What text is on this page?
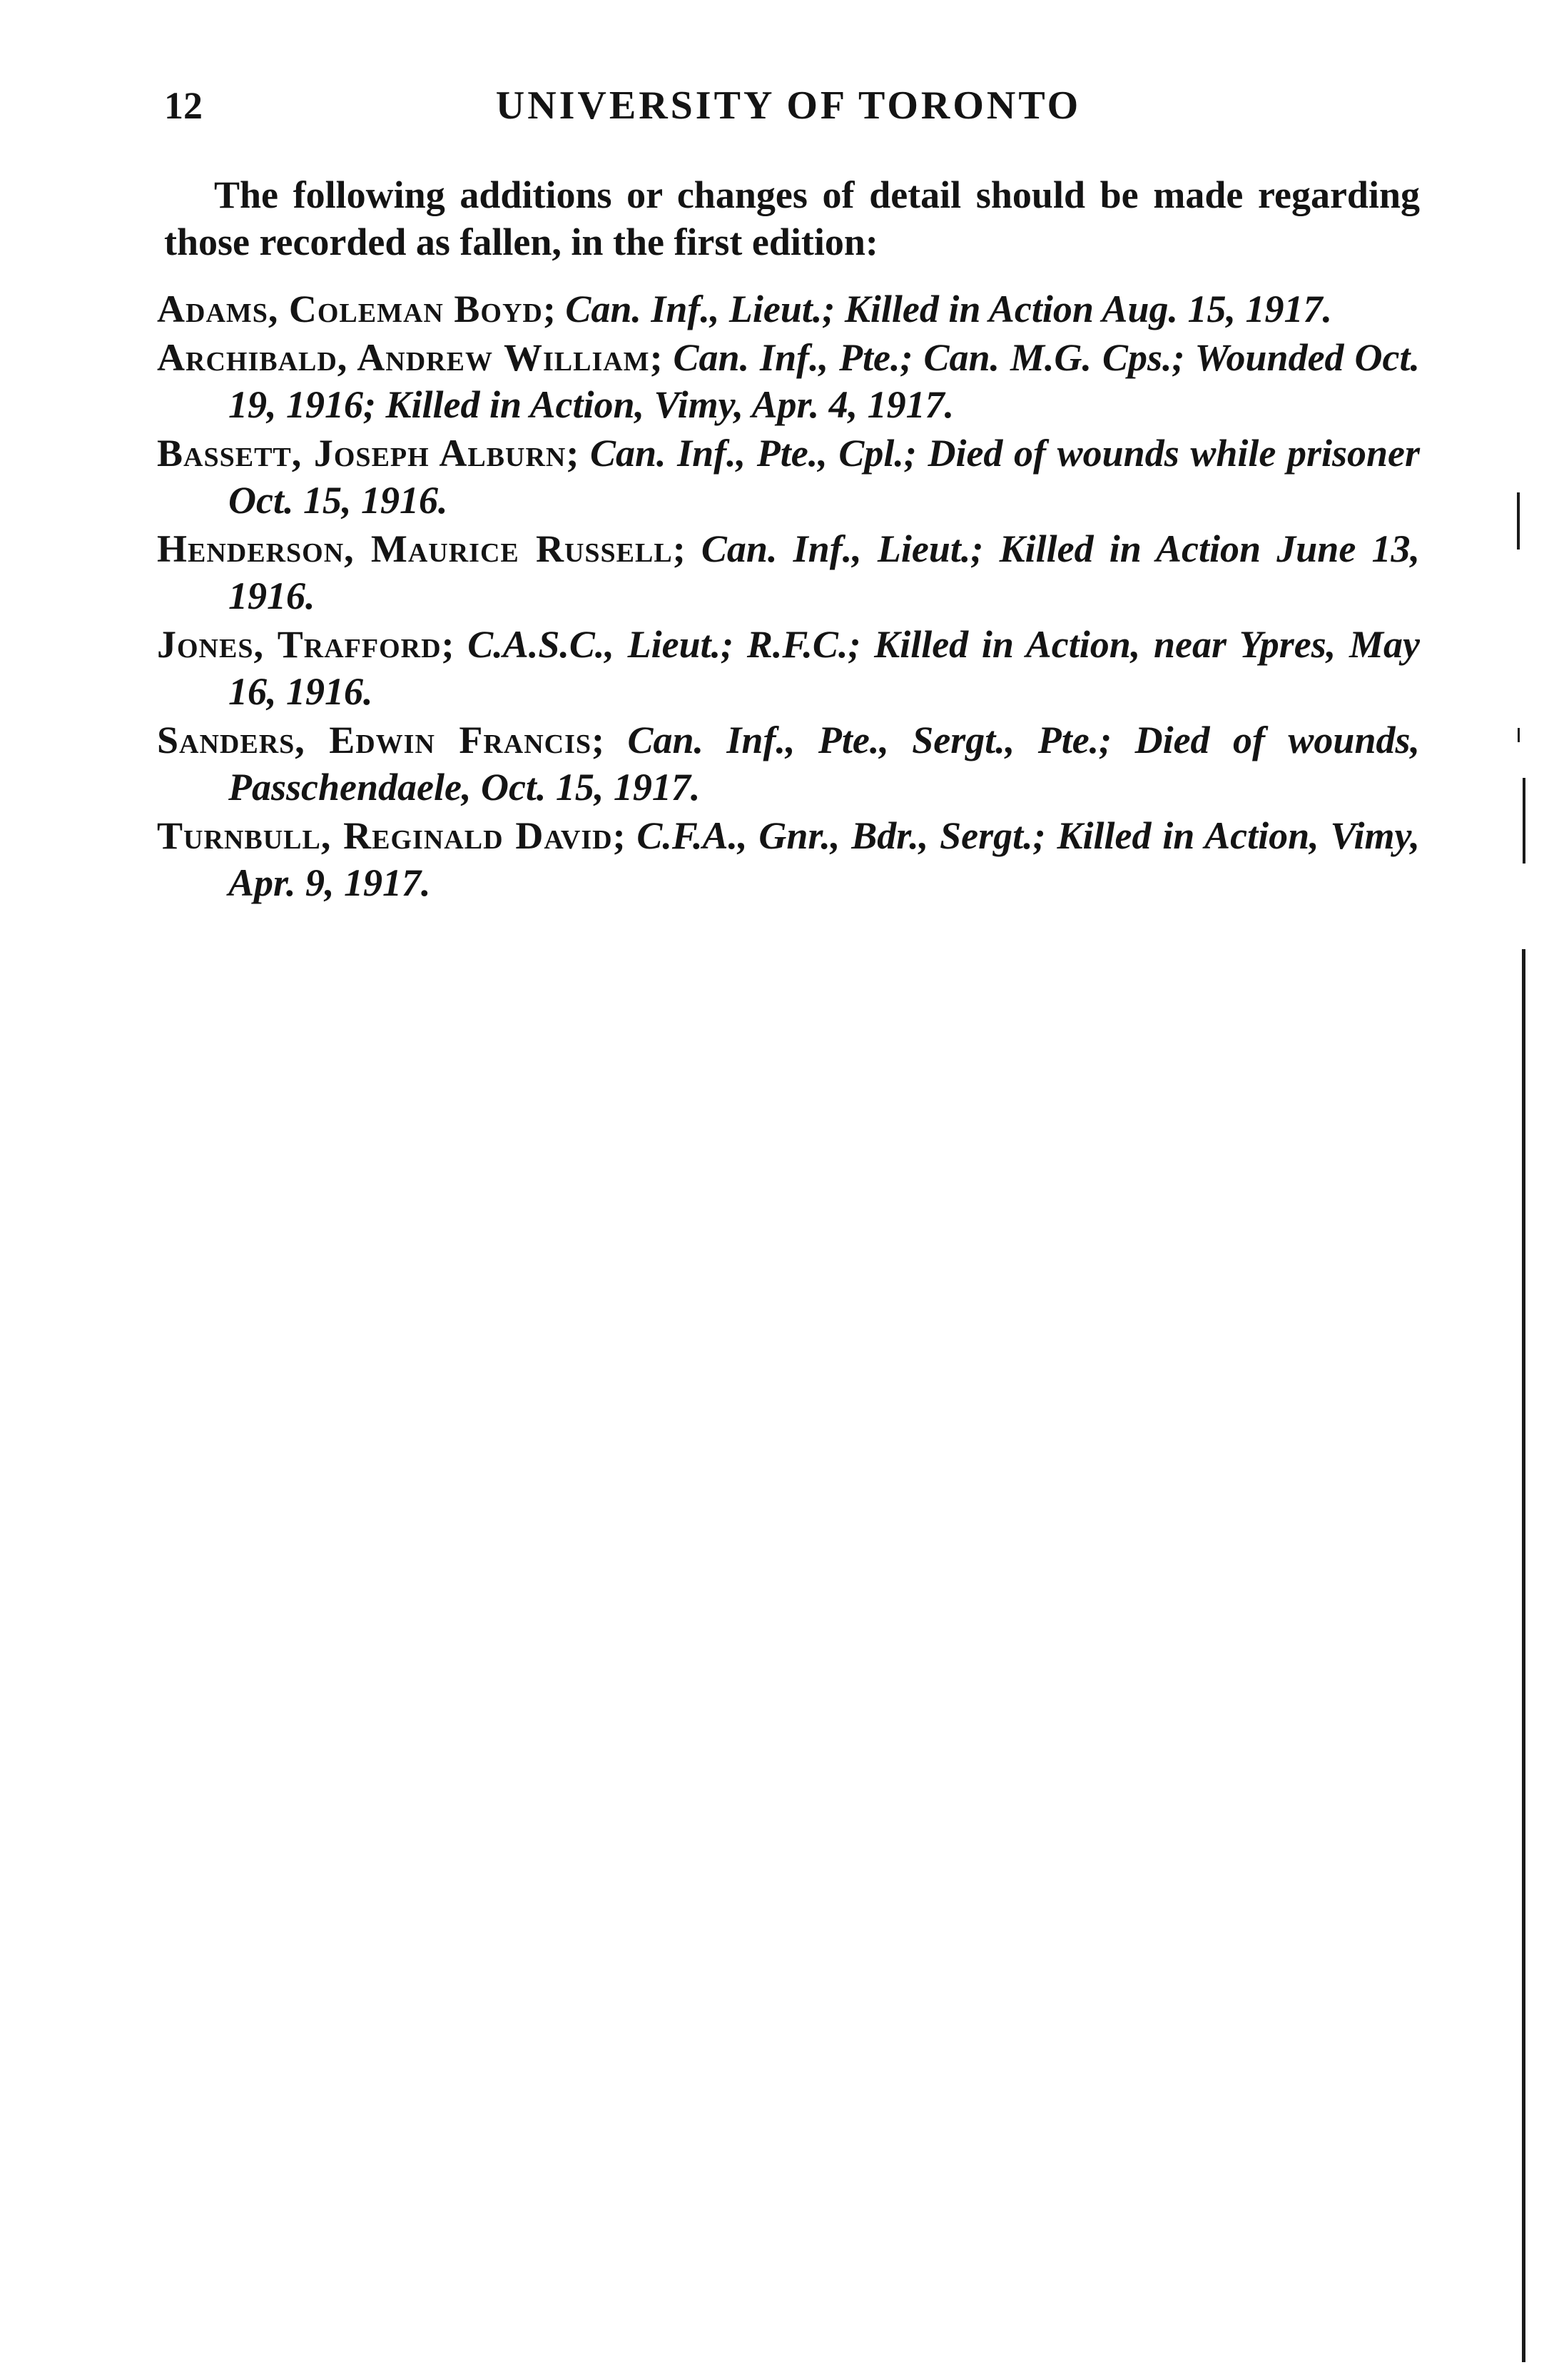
12	UNIVERSITY OF TORONTO

The following additions or changes of detail should be made regarding those recorded as fallen, in the first edition:

Adams, Coleman Boyd; Can. Inf., Lieut.; Killed in Action Aug. 15, 1917.
Archibald, Andrew William; Can. Inf., Pte.; Can. M.G. Cps.; Wounded Oct. 19, 1916; Killed in Action, Vimy, Apr. 4, 1917.
Bassett, Joseph Alburn; Can. Inf., Pte., Cpl.; Died of wounds while prisoner Oct. 15, 1916.
Henderson, Maurice Russell; Can. Inf., Lieut.; Killed in Action June 13, 1916.
Jones, Trafford; C.A.S.C., Lieut.; R.F.C.; Killed in Action, near Ypres, May 16, 1916.
Sanders, Edwin Francis; Can. Inf., Pte., Sergt., Pte.; Died of wounds, Passchendaele, Oct. 15, 1917.
Turnbull, Reginald David; C.F.A., Gnr., Bdr., Sergt.; Killed in Action, Vimy, Apr. 9, 1917.
